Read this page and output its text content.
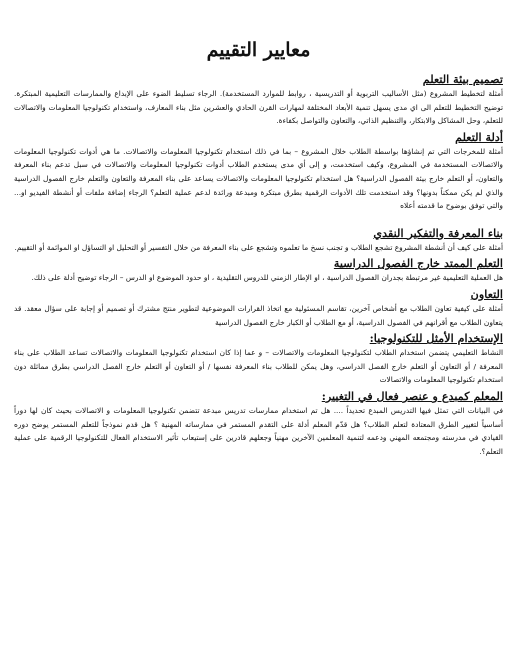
معايير التقييم
تصميم بيئة التعلم

أمثلة لتخطيط المشروع (مثل الأساليب التربوية أو التدريسية ، روابط للموارد المستخدمة). الرجاء تسليط الضوء على الإبداع والممارسات التعليمية المبتكرة. توضيح التخطيط للتعلم الى اي مدى يسهل تنمية الأبعاد المختلفة لمهارات القرن الحادي والعشرين مثل بناء المعارف، واستخدام تكنولوجيا المعلومات والاتصالات للتعلم، وحل المشاكل والابتكار، والتنظيم الذاتي، والتعاون والتواصل بكفاءة.

أدلة التعلم

أمثلة للمخرجات التي تم إنشاؤها بواسطة الطلاب خلال المشروع – بما في ذلك استخدام تكنولوجيا المعلومات والاتصالات. ما هي أدوات تكنولوجيا المعلومات والاتصالات المستخدمة في المشروع، وكيف استخدمت، و إلى أي مدى يستخدم الطلاب أدوات تكنولوجيا المعلومات والاتصالات في سبل تدعم بناء المعرفة والتعاون، أو التعلم خارج بيئة الفصول الدراسية؟ هل استخدام تكنولوجيا المعلومات والاتصالات يساعد على بناء المعرفة والتعاون والتعلم خارج الفصول الدراسية والذي لم يكن ممكناً بدونها؟ وقد استخدمت تلك الأدوات الرقمية بطرق مبتكرة ومبدعة ورائدة لدعم عملية التعلم؟ الرجاء إضافة ملفات أو أنشطة الفيديو او... والتي توفق بوضوح ما قدمته أعلاه

بناء المعرفة والتفكير النقدي

أمثلة على كيف أن أنشطة المشروع تشجع الطلاب و تجنب نسخ ما تعلموه وتشجع على بناء المعرفة من خلال التفسير أو التحليل او التساؤل او الموائمة أو التقييم.

التعلم الممتد خارج الفصول الدراسية

هل العملية التعليمية غير مرتبطة بجدران الفصول الدراسية ، او الإطار الزمني للدروس التقليدية ، او حدود الموضوع او الدرس – الرجاء توضيح أدلة على ذلك.

التعاون

أمثلة على كيفية تعاون الطلاب مع أشخاص آخرين، تقاسم المسئولية مع اتخاذ القرارات الموضوعية لتطوير منتج مشترك أو تصميم أو إجابة على سؤال معقد. قد يتعاون الطلاب مع أقرانهم في الفصول الدراسية، أو مع الطلاب أو الكبار خارج الفصول الدراسية

الإستخدام الأمثل للتكنولوجيا:

النشاط التعليمي يتضمن استخدام الطلاب لتكنولوجيا المعلومات والاتصالات – و عما إذا كان استخدام تكنولوجيا المعلومات والاتصالات تساعد الطلاب على بناء المعرفة / أو التعاون أو التعلم خارج الفصل الدراسي، وهل يمكن للطلاب بناء المعرفة نفسها / أو التعاون أو التعلم خارج الفصل الدراسي بطرق مماثلة دون استخدام تكنولوجيا المعلومات والاتصالات

المعلم كمبدع و عنصر فعال في التغيير:

في البيانات التي تمثل فيها التدريس المبدع تحديداً .... هل تم استخدام ممارسات تدريس مبدعة تتضمن تكنولوجيا المعلومات و الاتصالات بحيث كان لها دوراً أساسياً لتغيير الطرق المعتادة لتعلم الطلاب؟ هل قدّم المعلم أدلة على التقدم المستمر في ممارساته المهنية ؟ هل قدم نموذجاً للتعلم المستمر يوضح دوره القيادي في مدرسته ومجتمعه المهني ودعمه لتنمية المعلمين الآخرين مهنياً وجعلهم قادرين على إستيعاب تأثير الاستخدام الفعال للتكنولوجيا الرقمية على عملية التعلم؟.
